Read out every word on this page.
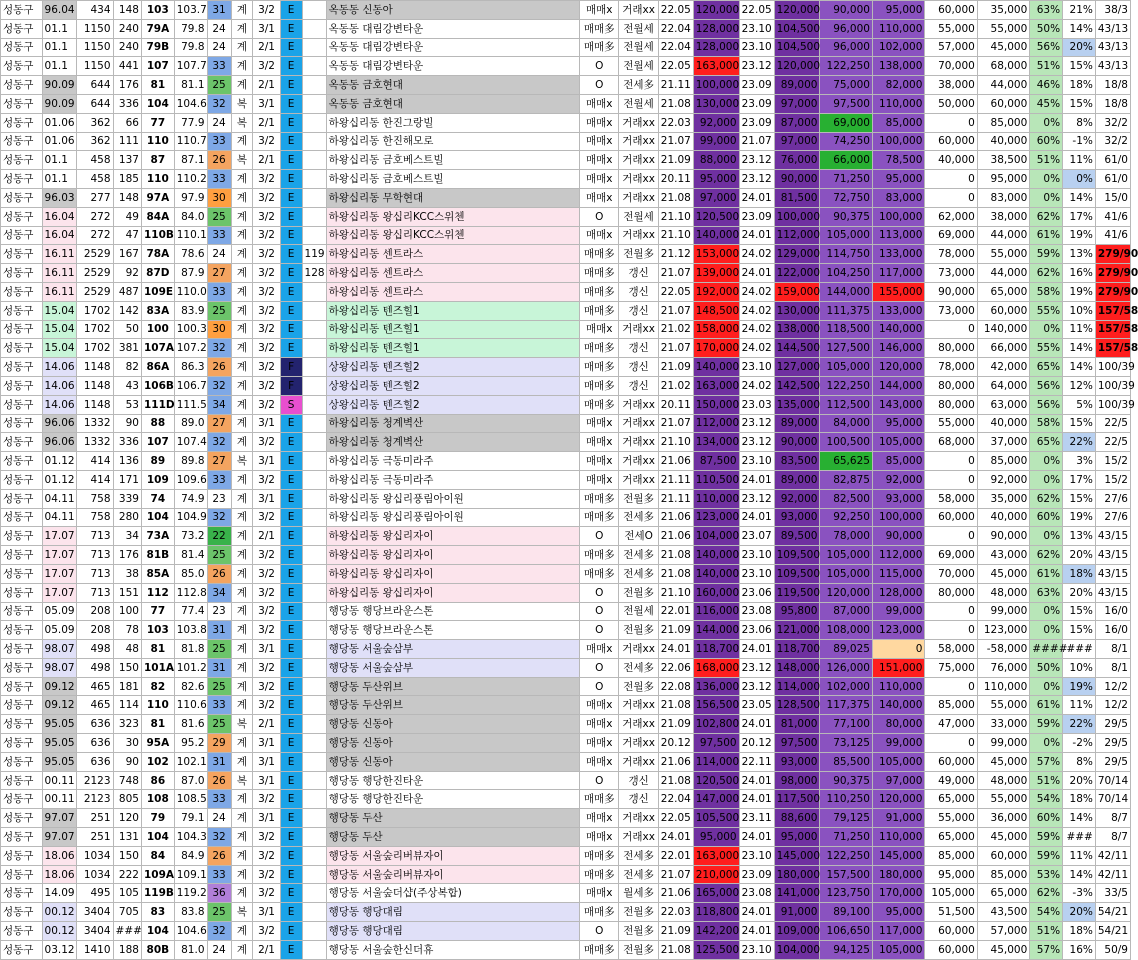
성동구	96.04	434	148	103	103.7	31	계	3/2	E		옥동동 신동아	매매x	거래xx	22.05	120,000	22.05	120,000	90,000	95,000	60,000	35,000	63%	21%	38/3
성동구	01.1	1150	240	79A	79.8	24	계	3/1	E		옥동동 대림강변타운	매매多	전월세	22.04	128,000	23.10	104,500	96,000	110,000	55,000	55,000	50%	14%	43/13
성동구	01.1	1150	240	79B	79.8	24	계	2/1	E		옥동동 대림강변타운	매매多	전월세	22.04	128,000	23.10	104,500	96,000	102,000	57,000	45,000	56%	20%	43/13
성동구	01.1	1150	441	107	107.7	33	계	3/2	E		옥동동 대림강변타운	O	전월세	22.05	163,000	23.12	120,000	122,250	138,000	70,000	68,000	51%	15%	43/13
성동구	90.09	644	176	81	81.1	25	계	2/1	E		옥동동 금호현대	O	전세多	21.11	100,000	23.09	89,000	75,000	82,000	38,000	44,000	46%	18%	18/8
성동구	90.09	644	336	104	104.6	32	복	3/1	E		옥동동 금호현대	매매x	전월세	21.08	130,000	23.09	97,000	97,500	110,000	50,000	60,000	45%	15%	18/8
성동구	01.06	362	66	77	77.9	24	복	2/1	E		하왕십리동 한진그랑빌	매매x	거래xx	22.03	92,000	23.09	87,000	69,000	85,000	0	85,000	0%	8%	32/2
성동구	01.06	362	111	110	110.7	33	계	3/2	E		하왕십리동 한진해모로	매매x	거래xx	21.07	99,000	21.07	97,000	74,250	100,000	60,000	40,000	60%	-1%	32/2
성동구	01.1	458	137	87	87.1	26	복	2/1	E		하왕십리동 금호베스트빌	매매x	거래xx	21.09	88,000	23.12	76,000	66,000	78,500	40,000	38,500	51%	11%	61/0
성동구	01.1	458	185	110	110.2	33	계	3/2	E		하왕십리동 금호베스트빌	매매x	거래xx	20.11	95,000	23.12	90,000	71,250	95,000	0	95,000	0%	0%	61/0
성동구	96.03	277	148	97A	97.9	30	계	3/2	E		하왕십리동 무학현대	매매x	거래xx	21.08	97,000	24.01	81,500	72,750	83,000	0	83,000	0%	14%	15/0
성동구	16.04	272	49	84A	84.0	25	계	3/2	E		하왕십리동 왕십리KCC스위첸	O	전월세	21.10	120,500	23.09	100,000	90,375	100,000	62,000	38,000	62%	17%	41/6
성동구	16.04	272	47	110B	110.1	33	계	3/2	E		하왕십리동 왕십리KCC스위첸	매매x	거래xx	21.10	140,000	24.01	112,000	105,000	113,000	69,000	44,000	61%	19%	41/6
성동구	16.11	2529	167	78A	78.6	24	계	3/2	E	119	하왕십리동 센트라스	매매多	전월多	21.12	153,000	24.02	129,000	114,750	133,000	78,000	55,000	59%	13%	279/90
성동구	16.11	2529	92	87D	87.9	27	계	3/2	E	128	하왕십리동 센트라스	매매多	갱신	21.07	139,000	24.01	122,000	104,250	117,000	73,000	44,000	62%	16%	279/90
성동구	16.11	2529	487	109E	110.0	33	계	3/2	E		하왕십리동 센트라스	매매多	갱신	22.05	192,000	24.02	159,000	144,000	155,000	90,000	65,000	58%	19%	279/90
성동구	15.04	1702	142	83A	83.9	25	계	3/2	E		하왕십리동 텐즈힐1	매매多	갱신	21.07	148,500	24.02	130,000	111,375	133,000	73,000	60,000	55%	10%	157/58
성동구	15.04	1702	50	100	100.3	30	계	3/2	E		하왕십리동 텐즈힐1	매매x	거래xx	21.02	158,000	24.02	138,000	118,500	140,000	0	140,000	0%	11%	157/58
성동구	15.04	1702	381	107A	107.2	32	계	3/2	E		하왕십리동 텐즈힐1	매매多	갱신	21.07	170,000	24.02	144,500	127,500	146,000	80,000	66,000	55%	14%	157/58
성동구	14.06	1148	82	86A	86.3	26	계	3/2	F		상왕십리동 텐즈힐2	매매多	갱신	21.09	140,000	23.10	127,000	105,000	120,000	78,000	42,000	65%	14%	100/39
성동구	14.06	1148	43	106B	106.7	32	계	3/2	F		상왕십리동 텐즈힐2	매매多	갱신	21.02	163,000	24.02	142,500	122,250	144,000	80,000	64,000	56%	12%	100/39
성동구	14.06	1148	53	111D	111.5	34	계	3/2	S		상왕십리동 텐즈힐2	매매多	거래xx	20.11	150,000	23.03	135,000	112,500	143,000	80,000	63,000	56%	5%	100/39
성동구	96.06	1332	90	88	89.0	27	계	3/1	E		하왕십리동 청계벽산	매매x	거래xx	21.07	112,000	23.12	89,000	84,000	95,000	55,000	40,000	58%	15%	22/5
성동구	96.06	1332	336	107	107.4	32	계	3/2	E		하왕십리동 청계벽산	매매x	거래xx	21.10	134,000	23.12	90,000	100,500	105,000	68,000	37,000	65%	22%	22/5
성동구	01.12	414	136	89	89.8	27	복	3/1	E		하왕십리동 극동미라주	매매x	거래xx	21.06	87,500	23.10	83,500	65,625	85,000	0	85,000	0%	3%	15/2
성동구	01.12	414	171	109	109.6	33	계	3/2	E		하왕십리동 극동미라주	매매x	거래xx	21.11	110,500	24.01	89,000	82,875	92,000	0	92,000	0%	17%	15/2
성동구	04.11	758	339	74	74.9	23	계	3/1	E		하왕십리동 왕십리풍림아이원	매매多	전월多	21.11	110,000	23.12	92,000	82,500	93,000	58,000	35,000	62%	15%	27/6
성동구	04.11	758	280	104	104.9	32	계	3/2	E		하왕십리동 왕십리풍림아이원	매매多	전세多	21.06	123,000	24.01	93,000	92,250	100,000	60,000	40,000	60%	19%	27/6
성동구	17.07	713	34	73A	73.2	22	계	2/1	E		하왕십리동 왕십리자이	O	전세O	21.06	104,000	23.07	89,500	78,000	90,000	0	90,000	0%	13%	43/15
성동구	17.07	713	176	81B	81.4	25	계	3/2	E		하왕십리동 왕십리자이	매매多	전세多	21.08	140,000	23.10	109,500	105,000	112,000	69,000	43,000	62%	20%	43/15
성동구	17.07	713	38	85A	85.0	26	계	3/2	E		하왕십리동 왕십리자이	매매多	전세多	21.08	140,000	23.10	109,500	105,000	115,000	70,000	45,000	61%	18%	43/15
성동구	17.07	713	151	112	112.8	34	계	3/2	E		하왕십리동 왕십리자이	O	전월多	21.10	160,000	23.06	119,500	120,000	128,000	80,000	48,000	63%	20%	43/15
성동구	05.09	208	100	77	77.4	23	계	3/2	E		행당동 행당브라운스톤	O	전월세	22.01	116,000	23.08	95,800	87,000	99,000	0	99,000	0%	15%	16/0
성동구	05.09	208	78	103	103.8	31	계	3/2	E		행당동 행당브라운스톤	O	전월多	21.09	144,000	23.06	121,000	108,000	123,000	0	123,000	0%	15%	16/0
성동구	98.07	498	48	81	81.8	25	계	3/1	E		행당동 서울숲삼부	매매x	거래xx	24.01	118,700	24.01	118,700	89,025	0	58,000	-58,000	####	###	8/1
성동구	98.07	498	150	101A	101.2	31	계	3/2	E		행당동 서울숲삼부	O	전세多	22.06	168,000	23.12	148,000	126,000	151,000	75,000	76,000	50%	10%	8/1
성동구	09.12	465	181	82	82.6	25	계	3/2	E		행당동 두산위브	O	전월多	22.08	136,000	23.12	114,000	102,000	110,000	0	110,000	0%	19%	12/2
성동구	09.12	465	114	110	110.6	33	계	3/2	E		행당동 두산위브	매매x	거래xx	21.08	156,500	23.05	128,500	117,375	140,000	85,000	55,000	61%	11%	12/2
성동구	95.05	636	323	81	81.6	25	복	2/1	E		행당동 신동아	매매x	거래xx	21.09	102,800	24.01	81,000	77,100	80,000	47,000	33,000	59%	22%	29/5
성동구	95.05	636	30	95A	95.2	29	계	3/1	E		행당동 신동아	매매x	거래xx	20.12	97,500	20.12	97,500	73,125	99,000	0	99,000	0%	-2%	29/5
성동구	95.05	636	90	102	102.1	31	계	3/1	E		행당동 신동아	매매x	거래xx	21.06	114,000	22.11	93,000	85,500	105,000	60,000	45,000	57%	8%	29/5
성동구	00.11	2123	748	86	87.0	26	복	3/1	E		행당동 행당한진타운	O	갱신	21.08	120,500	24.01	98,000	90,375	97,000	49,000	48,000	51%	20%	70/14
성동구	00.11	2123	805	108	108.5	33	계	3/2	E		행당동 행당한진타운	매매多	갱신	22.04	147,000	24.01	117,500	110,250	120,000	65,000	55,000	54%	18%	70/14
성동구	97.07	251	120	79	79.1	24	계	3/1	E		행당동 두산	매매x	거래xx	22.05	105,500	23.11	88,600	79,125	91,000	55,000	36,000	60%	14%	8/7
성동구	97.07	251	131	104	104.3	32	계	3/2	E		행당동 두산	매매x	거래xx	24.01	95,000	24.01	95,000	71,250	110,000	65,000	45,000	59%	###	8/7
성동구	18.06	1034	150	84	84.9	26	계	3/2	E		행당동 서울숲리버뷰자이	매매多	전세多	22.01	163,000	23.10	145,000	122,250	145,000	85,000	60,000	59%	11%	42/11
성동구	18.06	1034	222	109A	109.1	33	계	3/2	E		행당동 서울숲리버뷰자이	매매多	전세多	21.07	210,000	23.09	180,000	157,500	180,000	95,000	85,000	53%	14%	42/11
성동구	14.09	495	105	119B	119.2	36	계	3/2	E		행당동 서울숲더샵(주상복합)	매매x	월세多	21.06	165,000	23.08	141,000	123,750	170,000	105,000	65,000	62%	-3%	33/5
성동구	00.12	3404	705	83	83.8	25	복	3/1	E		행당동 행당대림	매매多	전월多	22.03	118,800	24.01	91,000	89,100	95,000	51,500	43,500	54%	20%	54/21
성동구	00.12	3404	###	104	104.6	32	계	3/2	E		행당동 행당대림	O	전월多	21.09	142,200	24.01	109,000	106,650	117,000	60,000	57,000	51%	18%	54/21
성동구	03.12	1410	188	80B	81.0	24	계	2/1	E		행당동 서울숲한신더휴	매매多	전월多	21.08	125,500	23.10	104,000	94,125	105,000	60,000	45,000	57%	16%	50/9
